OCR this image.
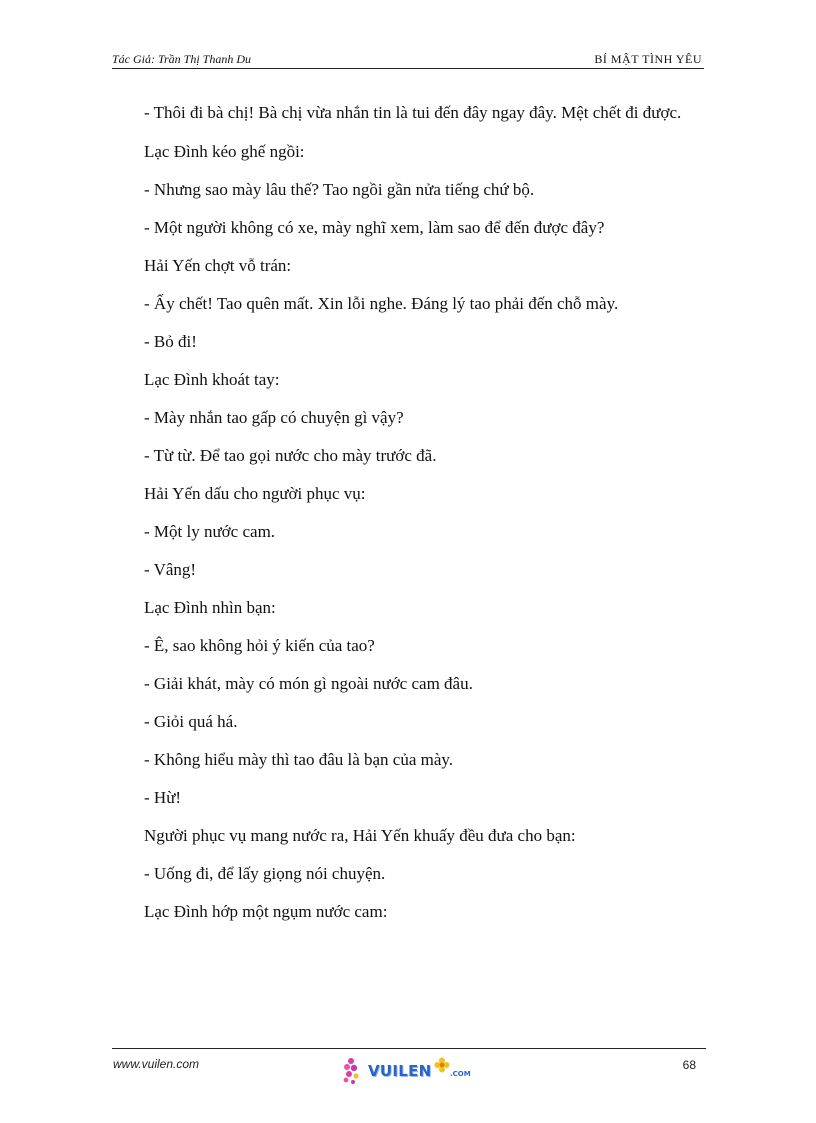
Tác Giả: Trần Thị Thanh Du	BÍ MẬT TÌNH YÊU

- Thôi đi bà chị! Bà chị vừa nhắn tin là tui đến đây ngay đây. Mệt chết đi được.

Lạc Đình kéo ghế ngồi:

- Nhưng sao mày lâu thế? Tao ngồi gần nửa tiếng chứ bộ.

- Một người không có xe, mày nghĩ xem, làm sao để đến được đây?

Hải Yến chợt vỗ trán:

- Ấy chết! Tao quên mất. Xin lỗi nghe. Đáng lý tao phải đến chỗ mày.

- Bỏ đi!

Lạc Đình khoát tay:

- Mày nhắn tao gấp có chuyện gì vậy?

- Từ từ. Để tao gọi nước cho mày trước đã.

Hải Yến dấu cho người phục vụ:

- Một ly nước cam.

- Vâng!

Lạc Đình nhìn bạn:

- Ê, sao không hỏi ý kiến của tao?

- Giải khát, mày có món gì ngoài nước cam đâu.

- Giỏi quá há.

- Không hiểu mày thì tao đâu là bạn của mày.

- Hừ!

Người phục vụ mang nước ra, Hải Yến khuấy đều đưa cho bạn:

- Uống đi, để lấy giọng nói chuyện.

Lạc Đình hớp một ngụm nước cam:

www.vuilen.com	VUILEN	.COM
68
